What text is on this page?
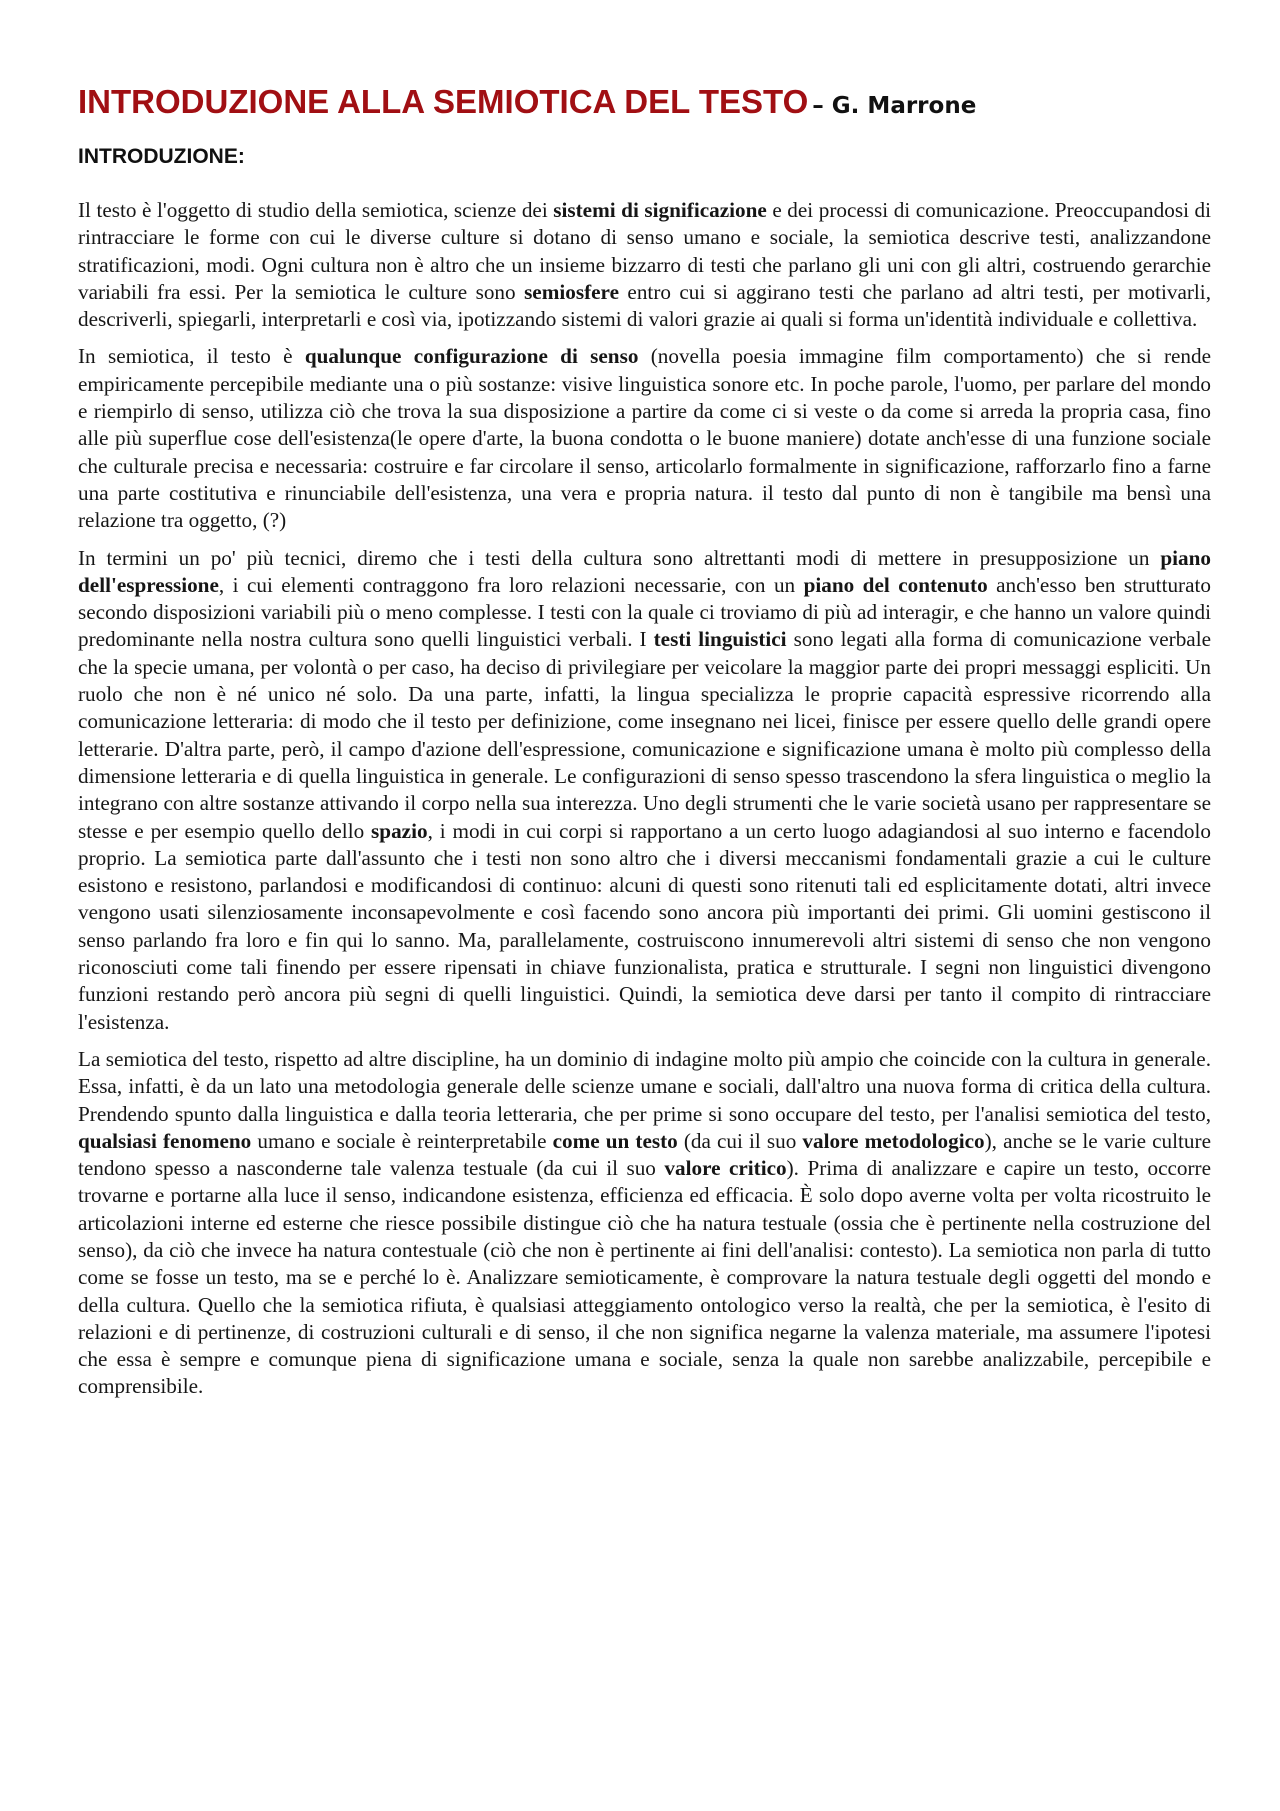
INTRODUZIONE ALLA SEMIOTICA DEL TESTO – G. Marrone
INTRODUZIONE:

Il testo è l'oggetto di studio della semiotica, scienze dei sistemi di significazione e dei processi di comunicazione. Preoccupandosi di rintracciare le forme con cui le diverse culture si dotano di senso umano e sociale, la semiotica descrive testi, analizzandone stratificazioni, modi. Ogni cultura non è altro che un insieme bizzarro di testi che parlano gli uni con gli altri, costruendo gerarchie variabili fra essi. Per la semiotica le culture sono semiosfere entro cui si aggirano testi che parlano ad altri testi, per motivarli, descriverli, spiegarli, interpretarli e così via, ipotizzando sistemi di valori grazie ai quali si forma un'identità individuale e collettiva.

In semiotica, il testo è qualunque configurazione di senso (novella poesia immagine film comportamento) che si rende empiricamente percepibile mediante una o più sostanze: visive linguistica sonore etc. In poche parole, l'uomo, per parlare del mondo e riempirlo di senso, utilizza ciò che trova la sua disposizione a partire da come ci si veste o da come si arreda la propria casa, fino alle più superflue cose dell'esistenza(le opere d'arte, la buona condotta o le buone maniere) dotate anch'esse di una funzione sociale che culturale precisa e necessaria: costruire e far circolare il senso, articolarlo formalmente in significazione, rafforzarlo fino a farne una parte costitutiva e rinunciabile dell'esistenza, una vera e propria natura. il testo dal punto di non è tangibile ma bensì una relazione tra oggetto, (?)

In termini un po' più tecnici, diremo che i testi della cultura sono altrettanti modi di mettere in presupposizione un piano dell'espressione, i cui elementi contraggono fra loro relazioni necessarie, con un piano del contenuto anch'esso ben strutturato secondo disposizioni variabili più o meno complesse. I testi con la quale ci troviamo di più ad interagir, e che hanno un valore quindi predominante nella nostra cultura sono quelli linguistici verbali. I testi linguistici sono legati alla forma di comunicazione verbale che la specie umana, per volontà o per caso, ha deciso di privilegiare per veicolare la maggior parte dei propri messaggi espliciti. Un ruolo che non è né unico né solo. Da una parte, infatti, la lingua specializza le proprie capacità espressive ricorrendo alla comunicazione letteraria: di modo che il testo per definizione, come insegnano nei licei, finisce per essere quello delle grandi opere letterarie. D'altra parte, però, il campo d'azione dell'espressione, comunicazione e significazione umana è molto più complesso della dimensione letteraria e di quella linguistica in generale. Le configurazioni di senso spesso trascendono la sfera linguistica o meglio la integrano con altre sostanze attivando il corpo nella sua interezza. Uno degli strumenti che le varie società usano per rappresentare se stesse e per esempio quello dello spazio, i modi in cui corpi si rapportano a un certo luogo adagiandosi al suo interno e facendolo proprio. La semiotica parte dall'assunto che i testi non sono altro che i diversi meccanismi fondamentali grazie a cui le culture esistono e resistono, parlandosi e modificandosi di continuo: alcuni di questi sono ritenuti tali ed esplicitamente dotati, altri invece vengono usati silenziosamente inconsapevolmente e così facendo sono ancora più importanti dei primi. Gli uomini gestiscono il senso parlando fra loro e fin qui lo sanno. Ma, parallelamente, costruiscono innumerevoli altri sistemi di senso che non vengono riconosciuti come tali finendo per essere ripensati in chiave funzionalista, pratica e strutturale. I segni non linguistici divengono funzioni restando però ancora più segni di quelli linguistici. Quindi, la semiotica deve darsi per tanto il compito di rintracciare l'esistenza.

La semiotica del testo, rispetto ad altre discipline, ha un dominio di indagine molto più ampio che coincide con la cultura in generale. Essa, infatti, è da un lato una metodologia generale delle scienze umane e sociali, dall'altro una nuova forma di critica della cultura. Prendendo spunto dalla linguistica e dalla teoria letteraria, che per prime si sono occupare del testo, per l'analisi semiotica del testo, qualsiasi fenomeno umano e sociale è reinterpretabile come un testo (da cui il suo valore metodologico), anche se le varie culture tendono spesso a nasconderne tale valenza testuale (da cui il suo valore critico). Prima di analizzare e capire un testo, occorre trovarne e portarne alla luce il senso, indicandone esistenza, efficienza ed efficacia. È solo dopo averne volta per volta ricostruito le articolazioni interne ed esterne che riesce possibile distingue ciò che ha natura testuale (ossia che è pertinente nella costruzione del senso), da ciò che invece ha natura contestuale (ciò che non è pertinente ai fini dell'analisi: contesto). La semiotica non parla di tutto come se fosse un testo, ma se e perché lo è. Analizzare semioticamente, è comprovare la natura testuale degli oggetti del mondo e della cultura. Quello che la semiotica rifiuta, è qualsiasi atteggiamento ontologico verso la realtà, che per la semiotica, è l'esito di relazioni e di pertinenze, di costruzioni culturali e di senso, il che non significa negarne la valenza materiale, ma assumere l'ipotesi che essa è sempre e comunque piena di significazione umana e sociale, senza la quale non sarebbe analizzabile, percepibile e comprensibile.
